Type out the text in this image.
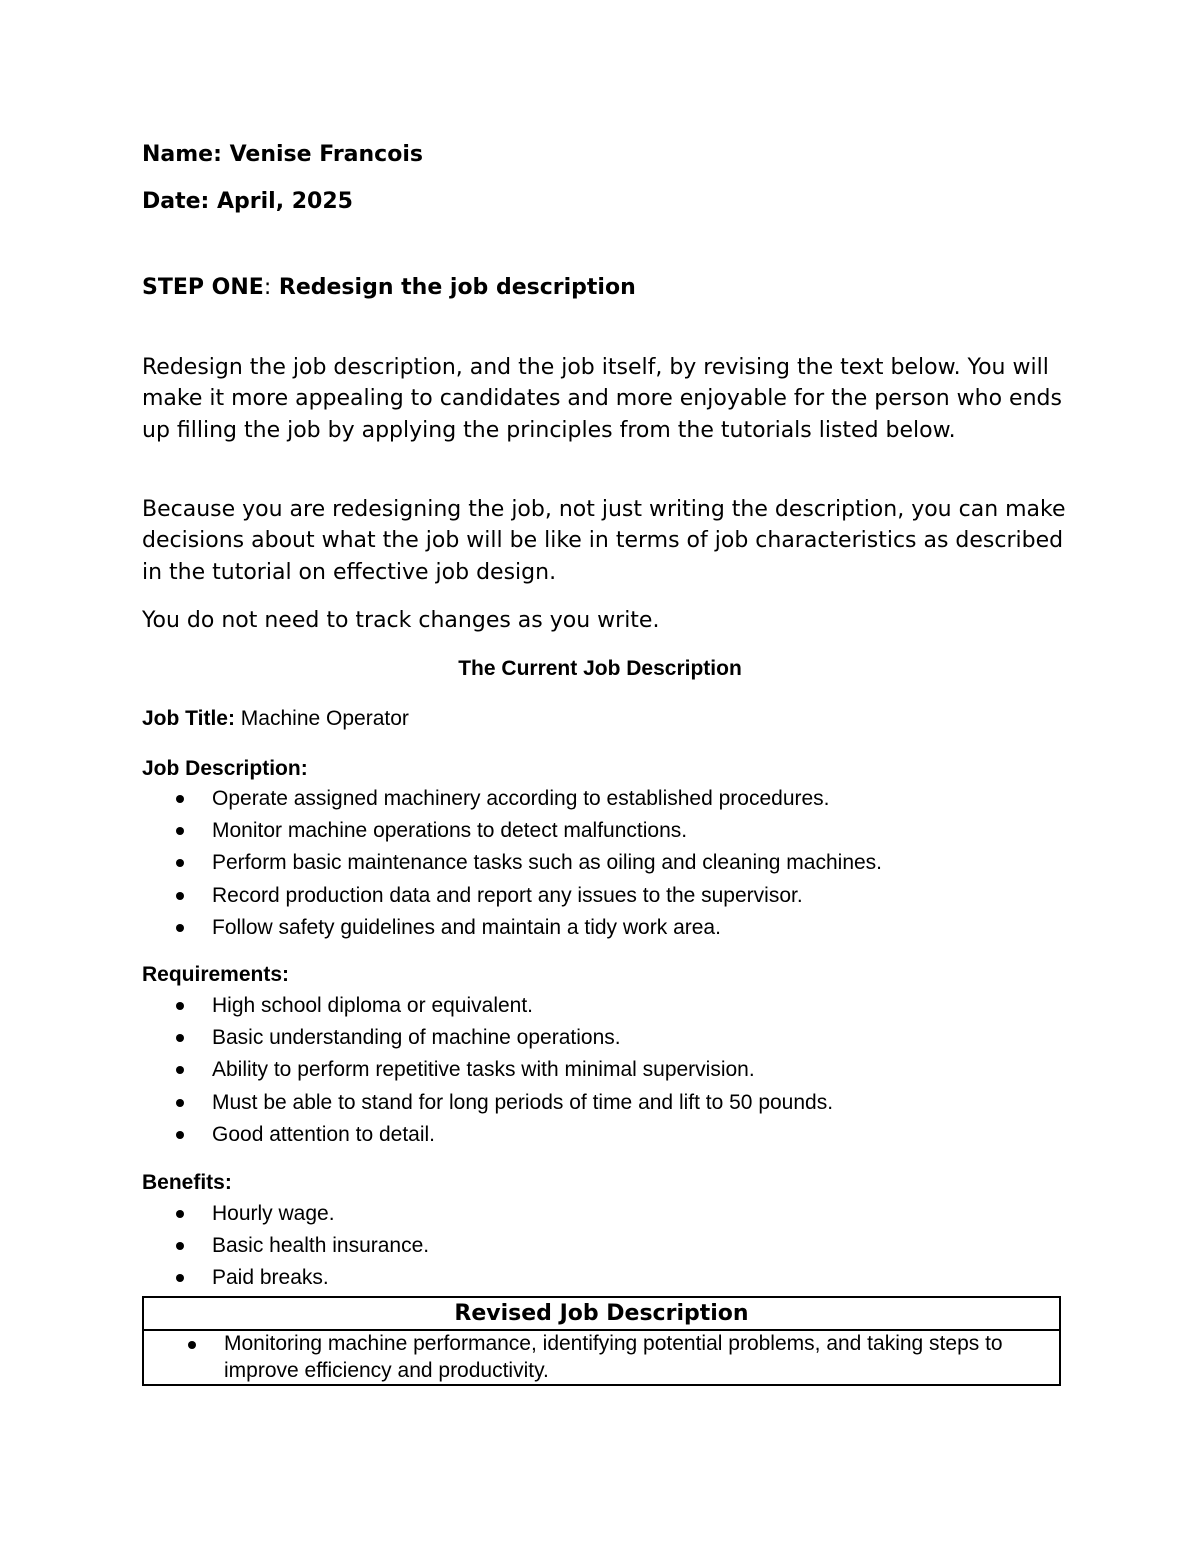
Name: Venise Francois
Date: April, 2025
STEP ONE: Redesign the job description

Redesign the job description, and the job itself, by revising the text below. You will make it more appealing to candidates and more enjoyable for the person who ends up filling the job by applying the principles from the tutorials listed below.

Because you are redesigning the job, not just writing the description, you can make decisions about what the job will be like in terms of job characteristics as described in the tutorial on effective job design.

You do not need to track changes as you write.

The Current Job Description
Job Title: Machine Operator
Job Description:
Operate assigned machinery according to established procedures.
Monitor machine operations to detect malfunctions.
Perform basic maintenance tasks such as oiling and cleaning machines.
Record production data and report any issues to the supervisor.
Follow safety guidelines and maintain a tidy work area.
Requirements:
High school diploma or equivalent.
Basic understanding of machine operations.
Ability to perform repetitive tasks with minimal supervision.
Must be able to stand for long periods of time and lift to 50 pounds.
Good attention to detail.
Benefits:
Hourly wage.
Basic health insurance.
Paid breaks.
Revised Job Description

Monitoring machine performance, identifying potential problems, and taking steps to improve efficiency and productivity.
